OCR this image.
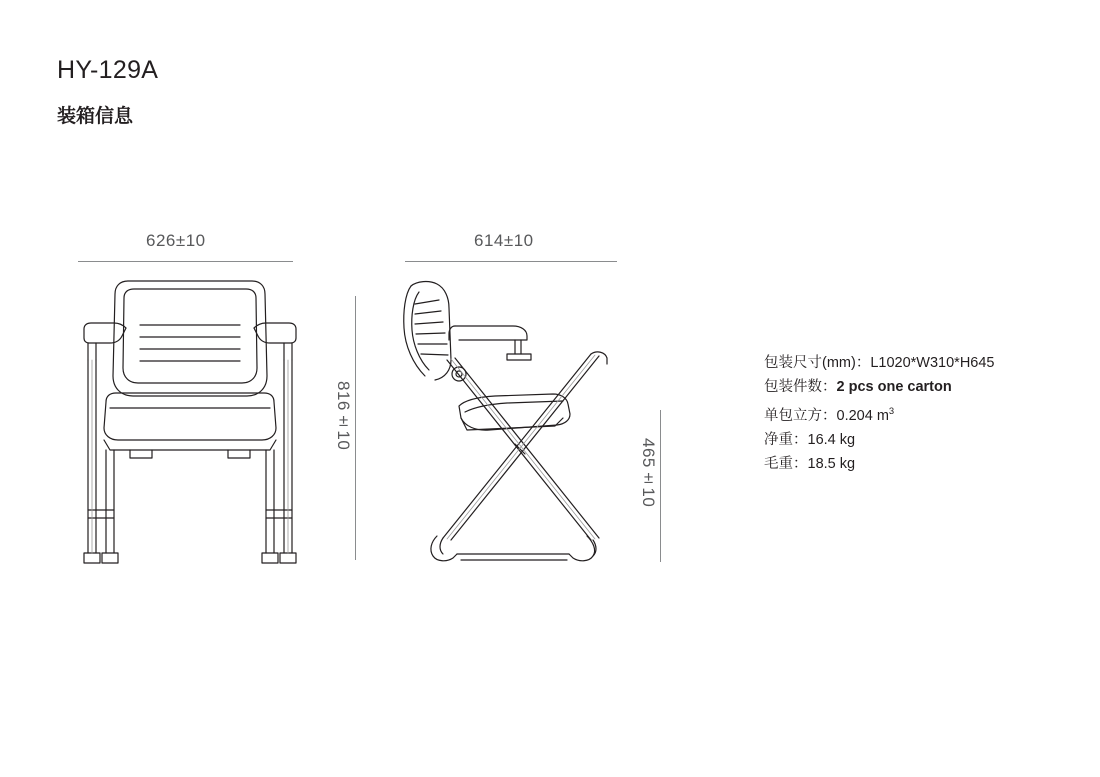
HY-129A
装箱信息
626±10
816±10
614±10
465±10
包装尺寸(mm)：L1020*W310*H645
包装件数：2 pcs one carton
单包立方：0.204 $m^3$
净重：16.4 kg
毛重：18.5 kg
